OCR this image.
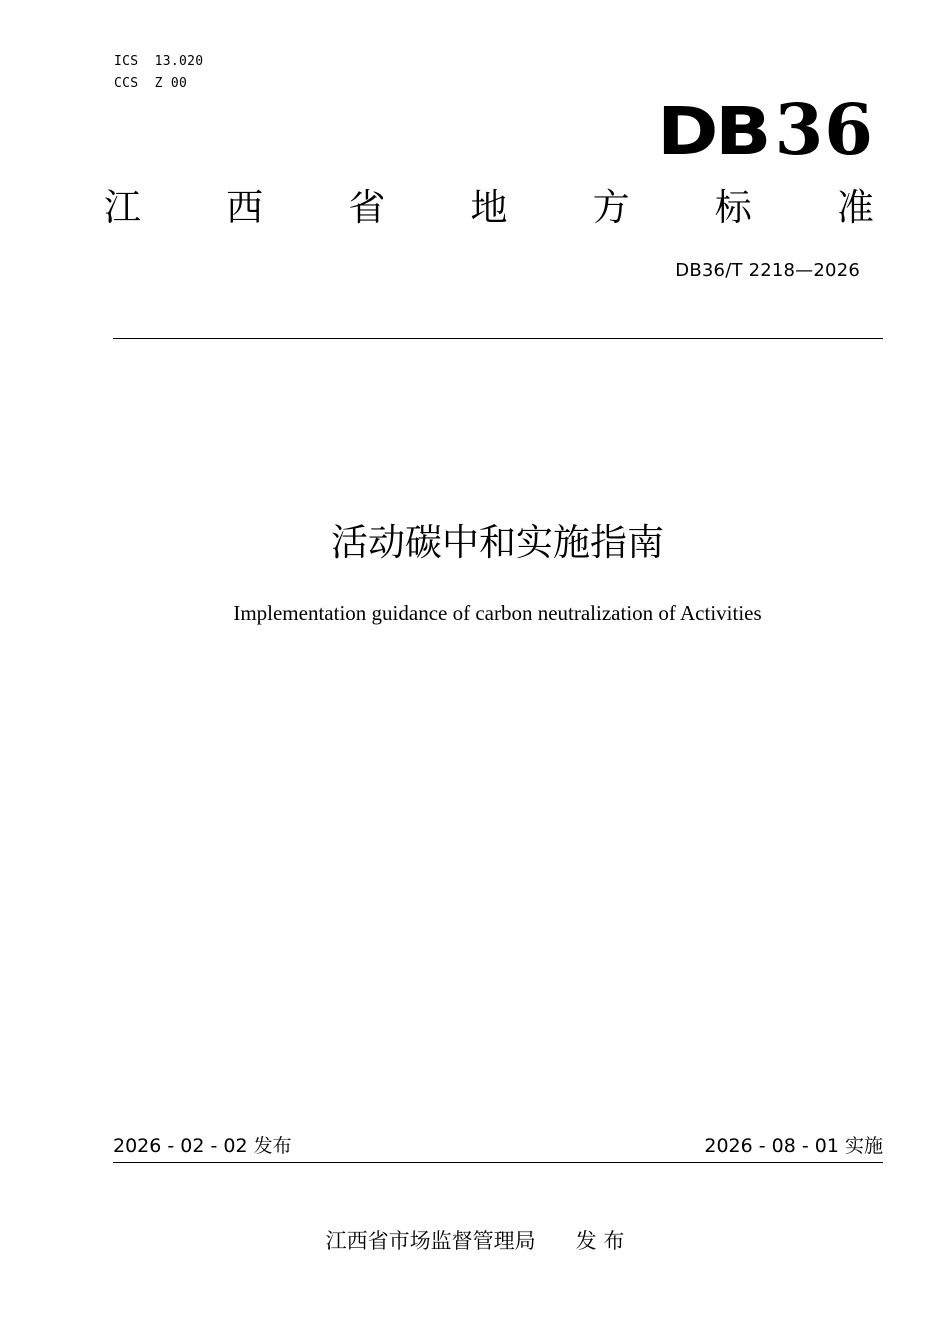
ICS  13.020
CCS  Z 00
DB36
江 西 省 地 方 标 准
DB36/T 2218—2026
活动碳中和实施指南
Implementation guidance of carbon neutralization of Activities
2026 - 02 - 02 发布	2026 - 08 - 01 实施
江西省市场监督管理局      发 布
